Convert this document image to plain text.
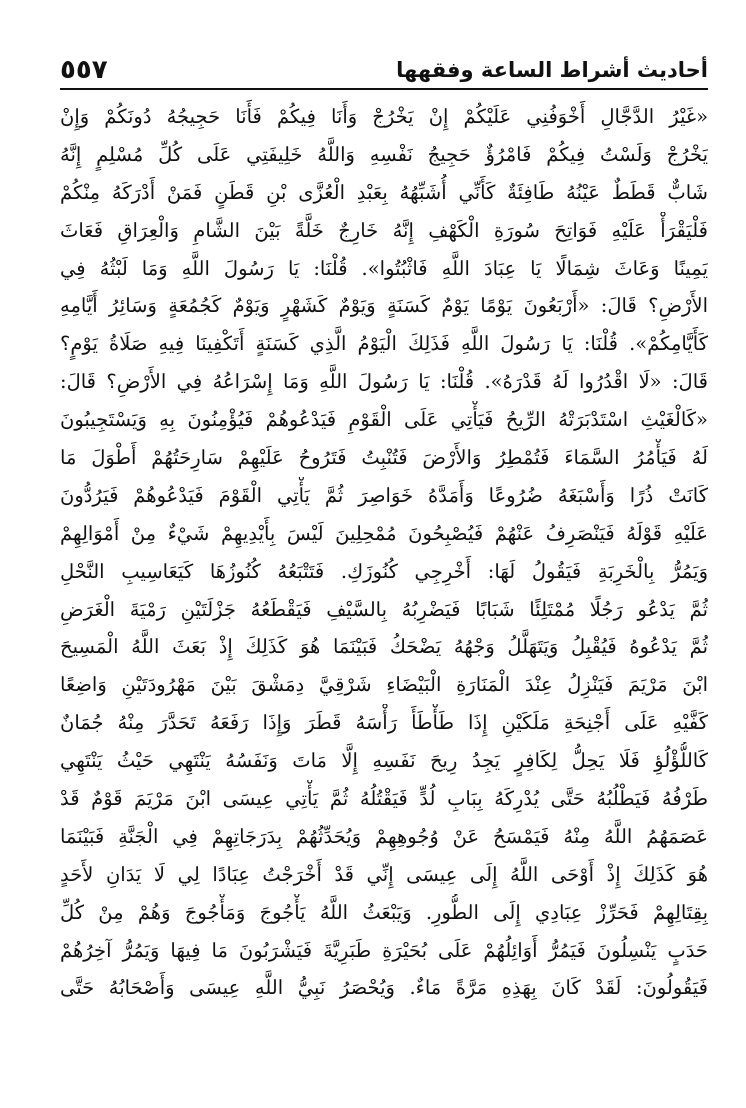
أحاديث أشراط الساعة وفقهها
٥٥٧
«غَيْرُ الدَّجَّالِ أَخْوَفُنِي عَلَيْكُمْ إِنْ يَخْرُجْ وَأَنَا فِيكُمْ فَأَنَا حَجِيجُهُ دُونَكُمْ وَإِنْ
يَخْرُجْ وَلَسْتُ فِيكُمْ فَامْرُؤٌ حَجِيجُ نَفْسِهِ وَاللَّهُ خَلِيفَتِي عَلَى كُلِّ مُسْلِمٍ إِنَّهُ
شَابٌّ قَطَطٌ عَيْنُهُ طَافِئَةٌ كَأَنِّي أُشَبِّهُهُ بِعَبْدِ الْعُزَّى بْنِ قَطَنٍ فَمَنْ أَدْرَكَهُ مِنْكُمْ
فَلْيَقْرَأْ عَلَيْهِ فَوَاتِحَ سُورَةِ الْكَهْفِ إِنَّهُ خَارِجٌ خَلَّةً بَيْنَ الشَّامِ وَالْعِرَاقِ فَعَاثَ
يَمِينًا وَعَاثَ شِمَالًا يَا عِبَادَ اللَّهِ فَاثْبُتُوا». قُلْنَا: يَا رَسُولَ اللَّهِ وَمَا لَبْثُهُ فِي
الأَرْضِ؟ قَالَ: «أَرْبَعُونَ يَوْمًا يَوْمٌ كَسَنَةٍ وَيَوْمٌ كَشَهْرٍ وَيَوْمٌ كَجُمُعَةٍ وَسَائِرُ أَيَّامِهِ
كَأَيَّامِكُمْ». قُلْنَا: يَا رَسُولَ اللَّهِ فَذَلِكَ الْيَوْمُ الَّذِي كَسَنَةٍ أَتَكْفِينَا فِيهِ صَلَاةُ يَوْمٍ؟
قَالَ: «لَا اقْدُرُوا لَهُ قَدْرَهُ». قُلْنَا: يَا رَسُولَ اللَّهِ وَمَا إِسْرَاعُهُ فِي الأَرْضِ؟ قَالَ:
«كَالْغَيْثِ اسْتَدْبَرَتْهُ الرِّيحُ فَيَأْتِي عَلَى الْقَوْمِ فَيَدْعُوهُمْ فَيُؤْمِنُونَ بِهِ وَيَسْتَجِيبُونَ
لَهُ فَيَأْمُرُ السَّمَاءَ فَتُمْطِرُ وَالأَرْضَ فَتُنْبِتُ فَتَرُوحُ عَلَيْهِمْ سَارِحَتُهُمْ أَطْوَلَ مَا
كَانَتْ ذُرًا وَأَسْبَغَهُ ضُرُوعًا وَأَمَدَّهُ خَوَاصِرَ ثُمَّ يَأْتِي الْقَوْمَ فَيَدْعُوهُمْ فَيَرُدُّونَ
عَلَيْهِ قَوْلَهُ فَيَنْصَرِفُ عَنْهُمْ فَيُصْبِحُونَ مُمْحِلِينَ لَيْسَ بِأَيْدِيهِمْ شَيْءٌ مِنْ أَمْوَالِهِمْ
وَيَمُرُّ بِالْخَرِبَةِ فَيَقُولُ لَهَا: أَخْرِجِي كُنُوزَكِ. فَتَتْبَعُهُ كُنُوزُهَا كَيَعَاسِيبِ النَّحْلِ
ثُمَّ يَدْعُو رَجُلًا مُمْتَلِئًا شَبَابًا فَيَضْرِبُهُ بِالسَّيْفِ فَيَقْطَعُهُ جَزْلَتَيْنِ رَمْيَةَ الْغَرَضِ
ثُمَّ يَدْعُوهُ فَيُقْبِلُ وَيَتَهَلَّلُ وَجْهُهُ يَضْحَكُ فَبَيْنَمَا هُوَ كَذَلِكَ إِذْ بَعَثَ اللَّهُ الْمَسِيحَ
ابْنَ مَرْيَمَ فَيَنْزِلُ عِنْدَ الْمَنَارَةِ الْبَيْضَاءِ شَرْقِيَّ دِمَشْقَ بَيْنَ مَهْرُودَتَيْنِ وَاضِعًا
كَفَّيْهِ عَلَى أَجْنِحَةِ مَلَكَيْنِ إِذَا طَأْطَأَ رَأْسَهُ قَطَرَ وَإِذَا رَفَعَهُ تَحَدَّرَ مِنْهُ جُمَانٌ
كَاللُّؤْلُؤِ فَلَا يَحِلُّ لِكَافِرٍ يَجِدُ رِيحَ نَفَسِهِ إِلَّا مَاتَ وَنَفَسُهُ يَنْتَهِي حَيْثُ يَنْتَهِي
طَرْفُهُ فَيَطْلُبُهُ حَتَّى يُدْرِكَهُ بِبَابِ لُدٍّ فَيَقْتُلُهُ ثُمَّ يَأْتِي عِيسَى ابْنَ مَرْيَمَ قَوْمٌ قَدْ
عَصَمَهُمُ اللَّهُ مِنْهُ فَيَمْسَحُ عَنْ وُجُوهِهِمْ وَيُحَدِّثُهُمْ بِدَرَجَاتِهِمْ فِي الْجَنَّةِ فَبَيْنَمَا
هُوَ كَذَلِكَ إِذْ أَوْحَى اللَّهُ إِلَى عِيسَى إِنِّي قَدْ أَخْرَجْتُ عِبَادًا لِي لَا يَدَانِ لأَحَدٍ
بِقِتَالِهِمْ فَحَرِّزْ عِبَادِي إِلَى الطُّورِ. وَيَبْعَثُ اللَّهُ يَأْجُوجَ وَمَأْجُوجَ وَهُمْ مِنْ كُلِّ
حَدَبٍ يَنْسِلُونَ فَيَمُرُّ أَوَائِلُهُمْ عَلَى بُحَيْرَةِ طَبَرِيَّةَ فَيَشْرَبُونَ مَا فِيهَا وَيَمُرُّ آخِرُهُمْ
فَيَقُولُونَ: لَقَدْ كَانَ بِهَذِهِ مَرَّةً مَاءٌ. وَيُحْصَرُ نَبِيُّ اللَّهِ عِيسَى وَأَصْحَابُهُ حَتَّى
